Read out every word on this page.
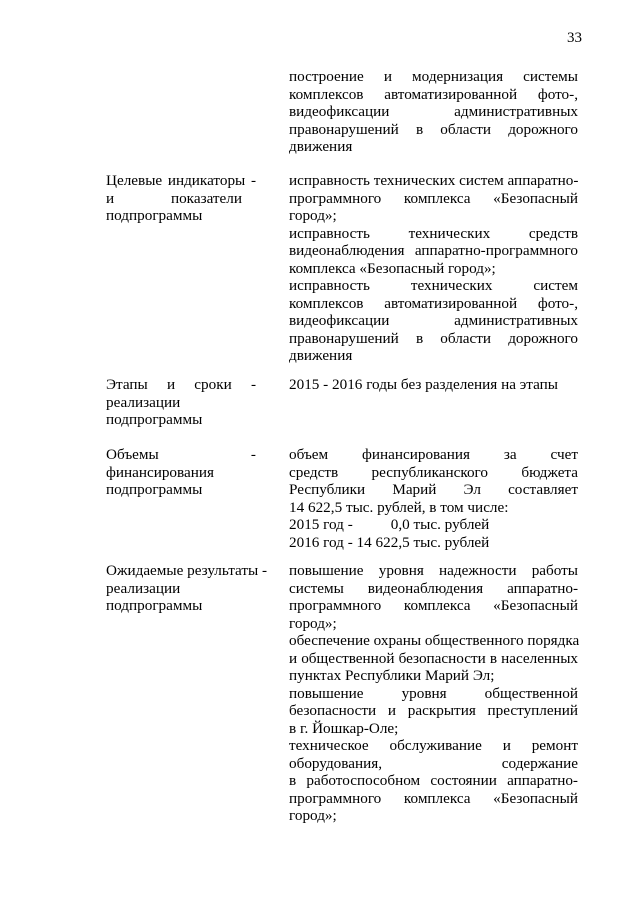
33
построение и модернизация системы
комплексов автоматизированной фото-,
видеофиксации административных
правонарушений в области дорожного
движения
Целевые индикаторы -
и показатели
подпрограммы
исправность технических систем аппаратно-
программного комплекса «Безопасный
город»;
исправность технических средств
видеонаблюдения аппаратно-программного
комплекса «Безопасный город»;
исправность технических систем
комплексов автоматизированной фото-,
видеофиксации административных
правонарушений в области дорожного
движения
Этапы и сроки -
реализации
подпрограммы
2015 - 2016 годы без разделения на этапы
Объемы -
финансирования
подпрограммы
объем финансирования за счет
средств республиканского бюджета
Республики Марий Эл составляет
14 622,5 тыс. рублей, в том числе:
2015 год -          0,0 тыс. рублей
2016 год - 14 622,5 тыс. рублей
Ожидаемые результаты -
реализации
подпрограммы
повышение уровня надежности работы
системы видеонаблюдения аппаратно-
программного комплекса «Безопасный
город»;
обеспечение охраны общественного порядка
и общественной безопасности в населенных
пунктах Республики Марий Эл;
повышение уровня общественной
безопасности и раскрытия преступлений
в г. Йошкар-Оле;
техническое обслуживание и ремонт
оборудования, содержание
в работоспособном состоянии аппаратно-
программного комплекса «Безопасный
город»;
